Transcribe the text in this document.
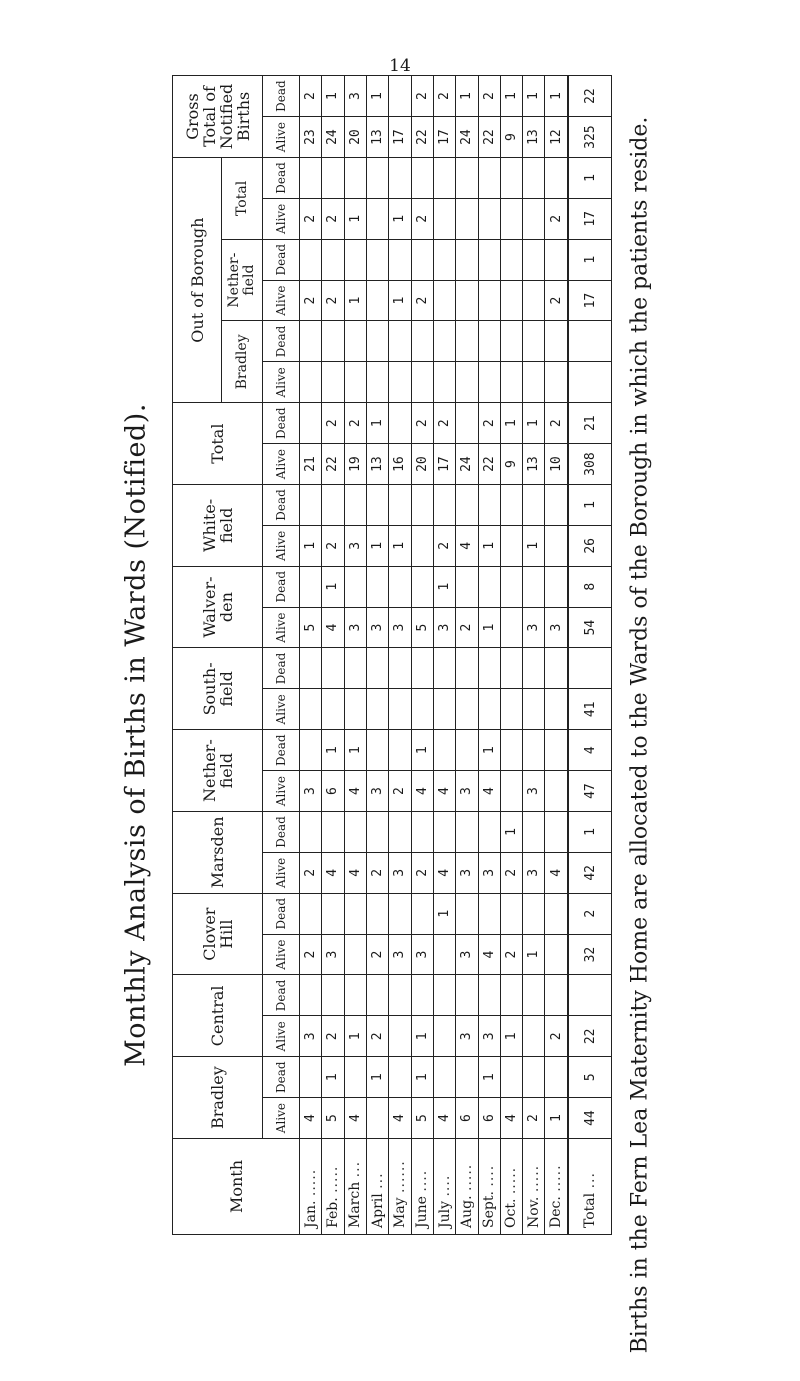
14
Monthly Analysis of Births in Wards (Notified).
Month	Bradley		Central		Clover Hill		Marsden		Nether- field		South- field		Walver- den		White- field		Total		Out of Borough						Gross Total of Notified Births	
																			Bradley		Nether- field		Total			
	Alive	Dead	Alive	Dead	Alive	Dead	Alive	Dead	Alive	Dead	Alive	Dead	Alive	Dead	Alive	Dead	Alive	Dead	Alive	Dead	Alive	Dead	Alive	Dead	Alive	Dead
Jan. .....	4		3		2		2		3				5		1		21				2		2		23	2
Feb. .....	5	1	2		3		4		6	1			4	1	2		22	2			2		2		24	1
March ...	4		1				4		4	1			3		3		19	2			1		1		20	3
April ...		1	2		2		2		3				3		1		13	1							13	1
May ......	4				3		3		2				3		1		16				1		1		17	
June ....	5	1	1		3		2		4	1			5				20	2			2		2		22	2
July ....	4					1	4		4				3	1	2		17	2							17	2
Aug. .....	6		3		3		3		3				2		4		24								24	1
Sept. ....	6	1	3		4		3		4	1			1		1		22	2							22	2
Oct. .....	4		1		2		2	1									9	1							9	1
Nov. .....	2				1		3		3				3		1		13	1							13	1
Dec. .....	1		2				4						3				10	2			2		2		12	1
Total ...	44	5	22		32	2	42	1	47	4	41		54	8	26	1	308	21			17	1	17	1	325	22
Births in the Fern Lea Maternity Home are allocated to the Wards of the Borough in which the patients reside.
